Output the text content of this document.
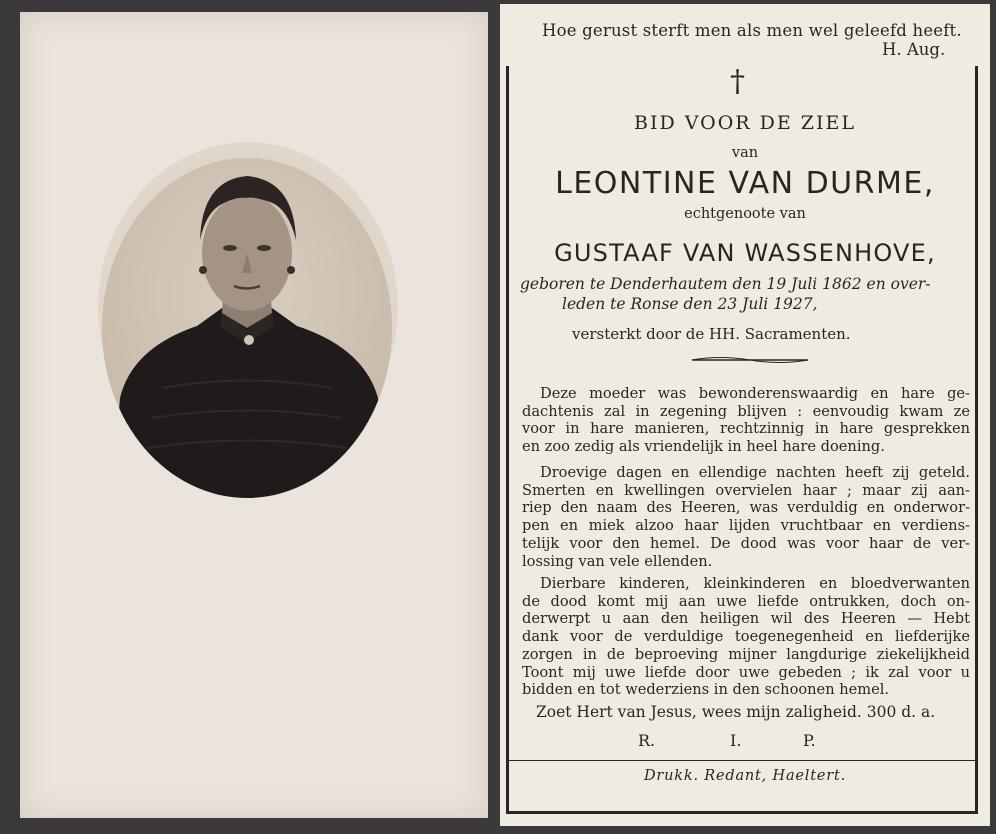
Hoe gerust sterft men als men wel geleefd heeft.
H. Aug.
†
BID VOOR DE ZIEL
van
LEONTINE VAN DURME,
echtgenoote van
GUSTAAF VAN WASSENHOVE,
geboren te Denderhautem den 19 Juli 1862 en over-
leden te Ronse den 23 Juli 1927,
versterkt door de HH. Sacramenten.
Deze moeder was bewonderenswaardig en hare ge-
dachtenis zal in zegening blijven : eenvoudig kwam ze
voor in hare manieren, rechtzinnig in hare gesprekken
en zoo zedig als vriendelijk in heel hare doening.
Droevige dagen en ellendige nachten heeft zij geteld.
Smerten en kwellingen overvielen haar ; maar zij aan-
riep den naam des Heeren, was verduldig en onderwor-
pen en miek alzoo haar lijden vruchtbaar en verdiens-
telijk voor den hemel. De dood was voor haar de ver-
lossing van vele ellenden.
Dierbare kinderen, kleinkinderen en bloedverwanten
de dood komt mij aan uwe liefde ontrukken, doch on-
derwerpt u aan den heiligen wil des Heeren — Hebt
dank voor de verduldige toegenegenheid en liefderijke
zorgen in de beproeving mijner langdurige ziekelijkheid
Toont mij uwe liefde door uwe gebeden ; ik zal voor u
bidden en tot wederziens in den schoonen hemel.
Zoet Hert van Jesus, wees mijn zaligheid. 300 d. a.
R.	I.	P.
Drukk. Redant, Haeltert.
